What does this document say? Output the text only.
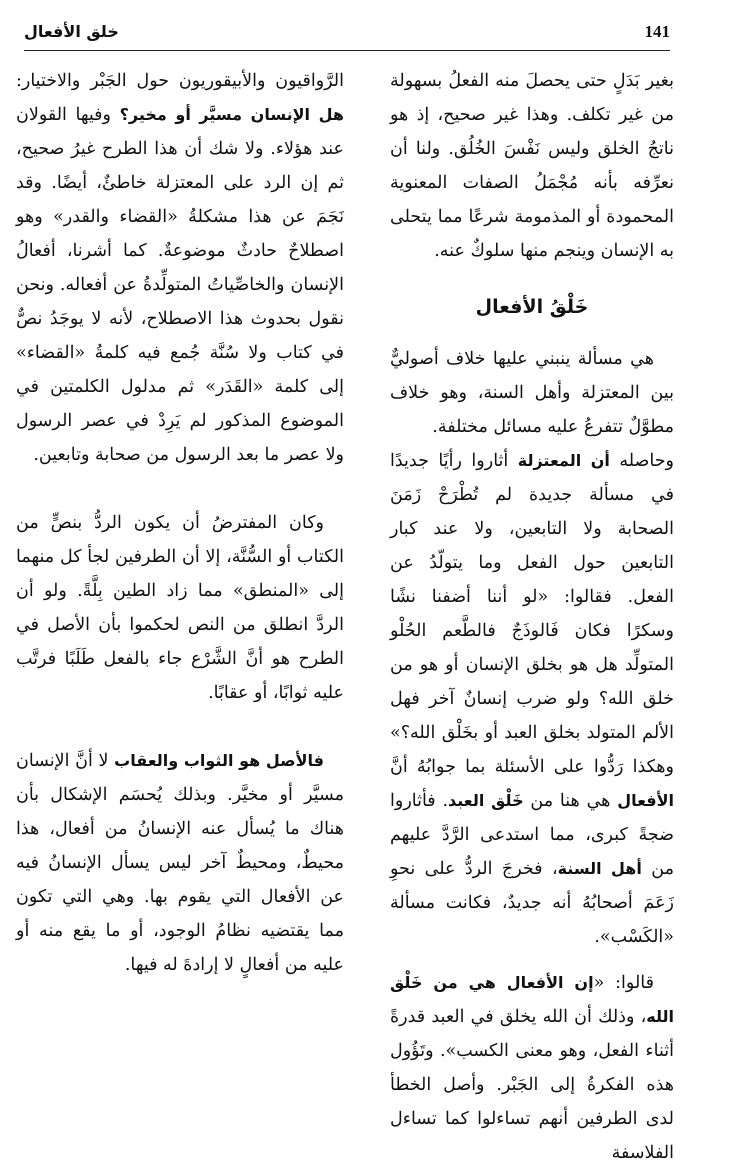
141
خلق الأفعال

بغير بَدَلٍ حتى يحصلَ منه الفعلُ بسهولة من غير تكلف. وهذا غير صحيح، إذ هو ناتجُ الخلق وليس نَفْسَ الخُلُق. ولنا أن نعرِّفه بأنه مُجْمَلُ الصفات المعنوية المحمودة أو المذمومة شرعًا مما يتحلى به الإنسان وينجم منها سلوكٌ عنه.

خَلْقُ الأفعال

هي مسألة ينبني عليها خلاف أصوليٌّ بين المعتزلة وأهل السنة، وهو خلاف مطوَّلٌ تتفرعُ عليه مسائل مختلفة.

وحاصله أن المعتزلة أثاروا رأيًا جديدًا في مسألة جديدة لم تُطْرَحْ زَمَنَ الصحابة ولا التابعين، ولا عند كبار التابعين حول الفعل وما يتولّدُ عن الفعل. فقالوا: «لو أننا أضفنا نشًا وسكرًا فكان فَالوذَجٌ فالطَّعم الحُلْو المتولِّد هل هو بخلق الإنسان أو هو من خلق الله؟ ولو ضرب إنسانٌ آخر فهل الألم المتولد بخلق العبد أو بخَلْق الله؟» وهكذا رَدُّوا على الأسئلة بما جوابُهُ أنَّ الأفعال هي هنا من خَلْق العبد. فأثاروا ضجةً كبرى، مما استدعى الرَّدَّ عليهم من أهل السنة، فخرجَ الردُّ على نحوِ زَعَمَ أصحابُهُ أنه جديدٌ، فكانت مسألة «الكَسْب».

قالوا: «إن الأفعال هي من خَلْق الله، وذلك أن الله يخلق في العبد قدرةً أثناء الفعل، وهو معنى الكسب». وتَؤُول هذه الفكرةُ إلى الجَبْر. وأصل الخطأ لدى الطرفين أنهم تساءلوا كما تساءل الفلاسفة

الرَّواقيون والأبيقوريون حول الجَبْر والاختيار: هل الإنسان مسيَّر أو مخير؟ وفيها القولان عند هؤلاء. ولا شك أن هذا الطرح غيرُ صحيح، ثم إن الرد على المعتزلة خاطئٌ، أيضًا. وقد نَجَمَ عن هذا مشكلةُ «القضاء والقدر» وهو اصطلاحٌ حادثٌ موضوعةٌ. كما أشرنا، أفعالُ الإنسان والخاصِّياتُ المتولِّدةُ عن أفعاله. ونحن نقول بحدوث هذا الاصطلاح، لأنه لا يوجَدُ نصٌّ في كتاب ولا سُنَّة جُمع فيه كلمةُ «القضاء» إلى كلمة «القَدَر» ثم مدلول الكلمتين في الموضوع المذكور لم يَرِدْ في عصر الرسول ولا عصر ما بعد الرسول من صحابة وتابعين.

وكان المفترضُ أن يكون الردُّ بنصٍّ من الكتاب أو السُّنَّة، إلا أن الطرفين لجأ كل منهما إلى «المنطق» مما زاد الطين بِلَّةً. ولو أن الردَّ انطلق من النص لحكموا بأن الأصل في الطرح هو أنَّ الشَّرْع جاء بالفعل طَلَبًا فرتَّب عليه ثوابًا، أو عقابًا.

فالأصل هو الثواب والعقاب لا أنَّ الإنسان مسيَّر أو مخيَّر. وبذلك يُحسَم الإشكال بأن هناك ما يُسأل عنه الإنسانُ من أفعال، هذا محيطٌ، ومحيطٌ آخر ليس يسأل الإنسانُ فيه عن الأفعال التي يقوم بها. وهي التي تكون مما يقتضيه نظامُ الوجود، أو ما يقع منه أو عليه من أفعالٍ لا إرادةَ له فيها.
